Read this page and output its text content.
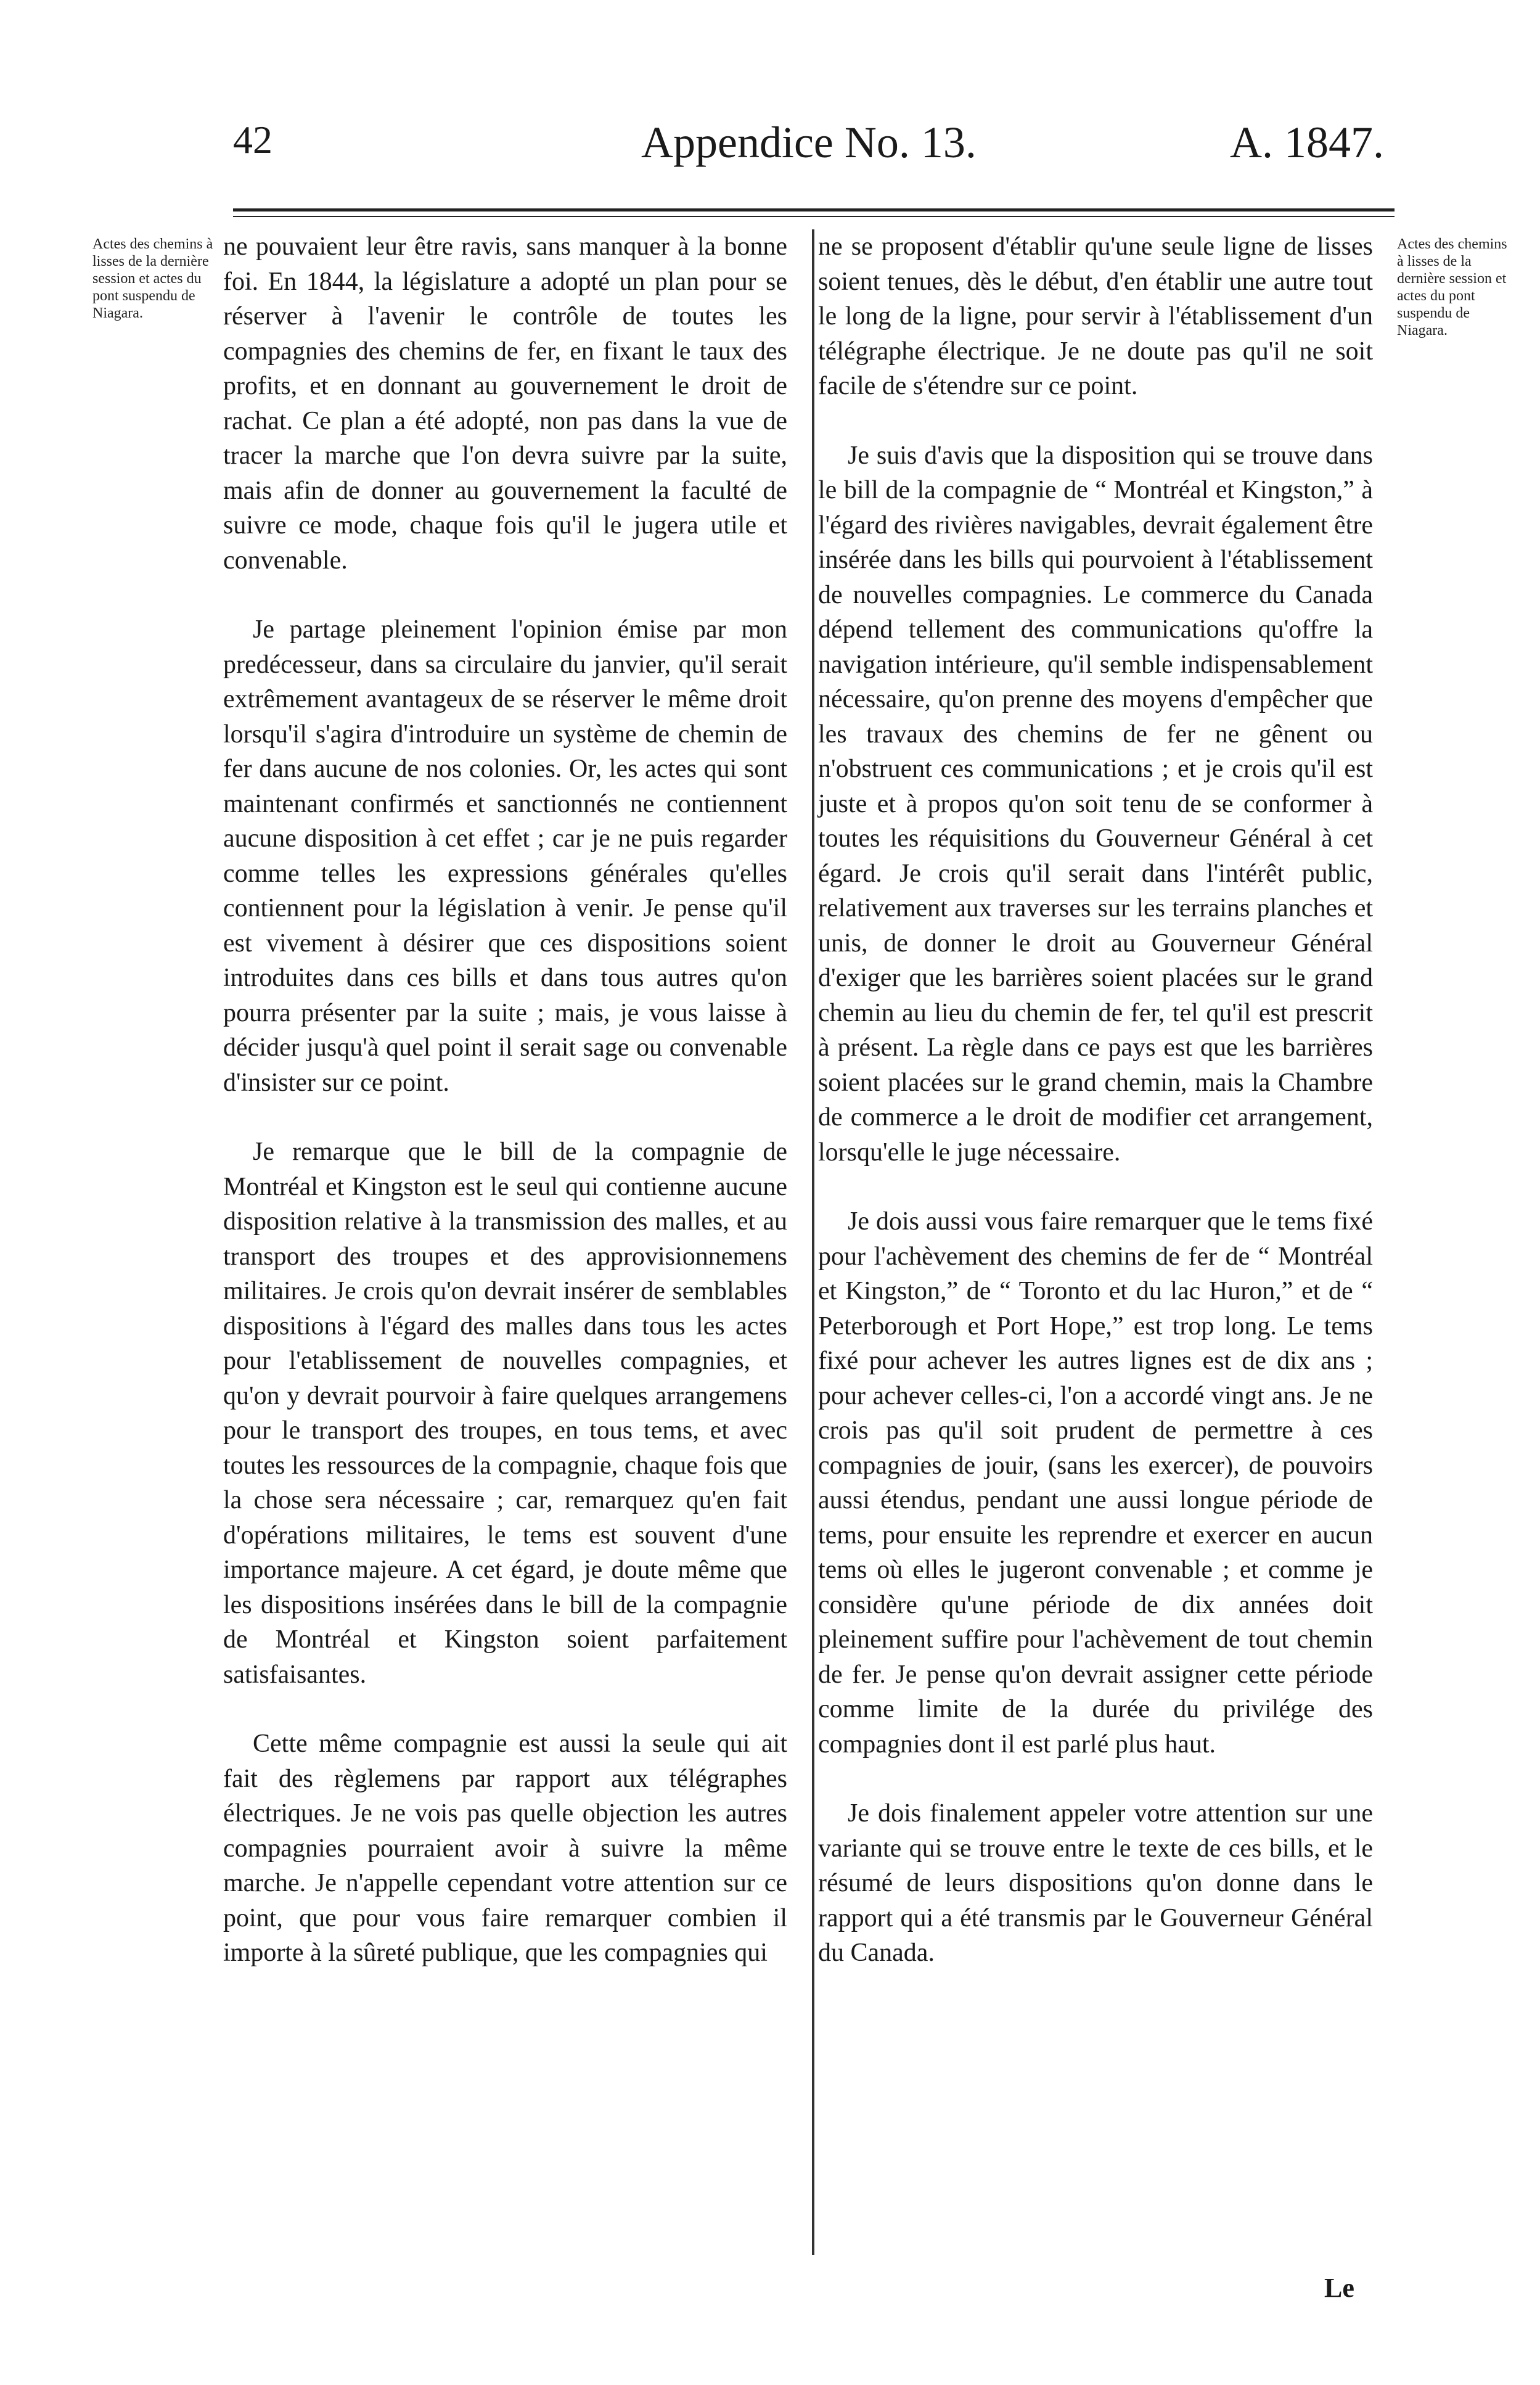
42	Appendice No. 13.	A. 1847.
Actes des chemins à lisses de la dernière session et actes du pont suspendu de Niagara.
Actes des chemins à lisses de la dernière session et actes du pont suspendu de Niagara.

ne pouvaient leur être ravis, sans manquer à la bonne foi. En 1844, la législature a adopté un plan pour se réserver à l'avenir le contrôle de toutes les compagnies des chemins de fer, en fixant le taux des profits, et en donnant au gouvernement le droit de rachat. Ce plan a été adopté, non pas dans la vue de tracer la marche que l'on devra suivre par la suite, mais afin de donner au gouvernement la faculté de suivre ce mode, chaque fois qu'il le jugera utile et convenable.

Je partage pleinement l'opinion émise par mon predécesseur, dans sa circulaire du janvier, qu'il serait extrêmement avantageux de se réserver le même droit lorsqu'il s'agira d'introduire un système de chemin de fer dans aucune de nos colonies. Or, les actes qui sont maintenant confirmés et sanctionnés ne contiennent aucune disposition à cet effet ; car je ne puis regarder comme telles les expressions générales qu'elles contiennent pour la législation à venir. Je pense qu'il est vivement à désirer que ces dispositions soient introduites dans ces bills et dans tous autres qu'on pourra présenter par la suite ; mais, je vous laisse à décider jusqu'à quel point il serait sage ou convenable d'insister sur ce point.

Je remarque que le bill de la compagnie de Montréal et Kingston est le seul qui contienne aucune disposition relative à la transmission des malles, et au transport des troupes et des approvisionnemens militaires. Je crois qu'on devrait insérer de semblables dispositions à l'égard des malles dans tous les actes pour l'etablissement de nouvelles compagnies, et qu'on y devrait pourvoir à faire quelques arrangemens pour le transport des troupes, en tous tems, et avec toutes les ressources de la compagnie, chaque fois que la chose sera nécessaire ; car, remarquez qu'en fait d'opérations militaires, le tems est souvent d'une importance majeure. A cet égard, je doute même que les dispositions insérées dans le bill de la compagnie de Montréal et Kingston soient parfaitement satisfaisantes.

Cette même compagnie est aussi la seule qui ait fait des règlemens par rapport aux télégraphes électriques. Je ne vois pas quelle objection les autres compagnies pourraient avoir à suivre la même marche. Je n'appelle cependant votre attention sur ce point, que pour vous faire remarquer combien il importe à la sûreté publique, que les compagnies qui

ne se proposent d'établir qu'une seule ligne de lisses soient tenues, dès le début, d'en établir une autre tout le long de la ligne, pour servir à l'établissement d'un télégraphe électrique. Je ne doute pas qu'il ne soit facile de s'étendre sur ce point.

Je suis d'avis que la disposition qui se trouve dans le bill de la compagnie de “ Montréal et Kingston,” à l'égard des rivières navigables, devrait également être insérée dans les bills qui pourvoient à l'établissement de nouvelles compagnies. Le commerce du Canada dépend tellement des communications qu'offre la navigation intérieure, qu'il semble indispensablement nécessaire, qu'on prenne des moyens d'empêcher que les travaux des chemins de fer ne gênent ou n'obstruent ces communications ; et je crois qu'il est juste et à propos qu'on soit tenu de se conformer à toutes les réquisitions du Gouverneur Général à cet égard. Je crois qu'il serait dans l'intérêt public, relativement aux traverses sur les terrains planches et unis, de donner le droit au Gouverneur Général d'exiger que les barrières soient placées sur le grand chemin au lieu du chemin de fer, tel qu'il est prescrit à présent. La règle dans ce pays est que les barrières soient placées sur le grand chemin, mais la Chambre de commerce a le droit de modifier cet arrangement, lorsqu'elle le juge nécessaire.

Je dois aussi vous faire remarquer que le tems fixé pour l'achèvement des chemins de fer de “ Montréal et Kingston,” de “ Toronto et du lac Huron,” et de “ Peterborough et Port Hope,” est trop long. Le tems fixé pour achever les autres lignes est de dix ans ; pour achever celles-ci, l'on a accordé vingt ans. Je ne crois pas qu'il soit prudent de permettre à ces compagnies de jouir, (sans les exercer), de pouvoirs aussi étendus, pendant une aussi longue période de tems, pour ensuite les reprendre et exercer en aucun tems où elles le jugeront convenable ; et comme je considère qu'une période de dix années doit pleinement suffire pour l'achèvement de tout chemin de fer. Je pense qu'on devrait assigner cette période comme limite de la durée du privilége des compagnies dont il est parlé plus haut.

Je dois finalement appeler votre attention sur une variante qui se trouve entre le texte de ces bills, et le résumé de leurs dispositions qu'on donne dans le rapport qui a été transmis par le Gouverneur Général du Canada.

Le
